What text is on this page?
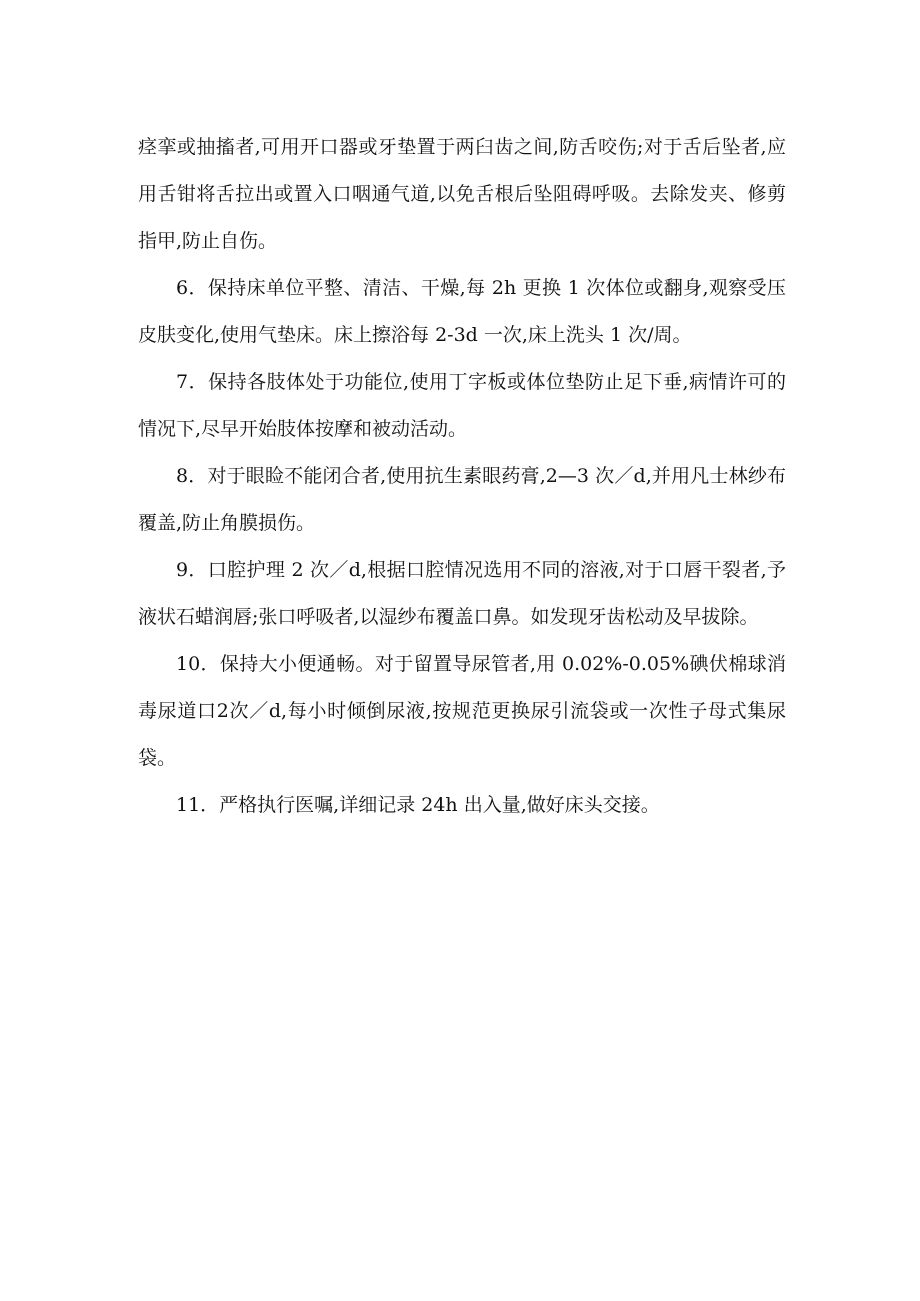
痉挛或抽搐者,可用开口器或牙垫置于两臼齿之间,防舌咬伤;对于舌后坠者,应用舌钳将舌拉出或置入口咽通气道,以免舌根后坠阻碍呼吸。去除发夹、修剪指甲,防止自伤。

6．保持床单位平整、清洁、干燥,每 2h 更换 1 次体位或翻身,观察受压皮肤变化,使用气垫床。床上擦浴每 2-3d 一次,床上洗头 1 次/周。

7．保持各肢体处于功能位,使用丁字板或体位垫防止足下垂,病情许可的情况下,尽早开始肢体按摩和被动活动。

8．对于眼睑不能闭合者,使用抗生素眼药膏,2—3 次／d,并用凡士林纱布覆盖,防止角膜损伤。

9．口腔护理 2 次／d,根据口腔情况选用不同的溶液,对于口唇干裂者,予液状石蜡润唇;张口呼吸者,以湿纱布覆盖口鼻。如发现牙齿松动及早拔除。

10．保持大小便通畅。对于留置导尿管者,用 0.02%-0.05%碘伏棉球消毒尿道口2次／d,每小时倾倒尿液,按规范更换尿引流袋或一次性子母式集尿袋。

11．严格执行医嘱,详细记录 24h 出入量,做好床头交接。
